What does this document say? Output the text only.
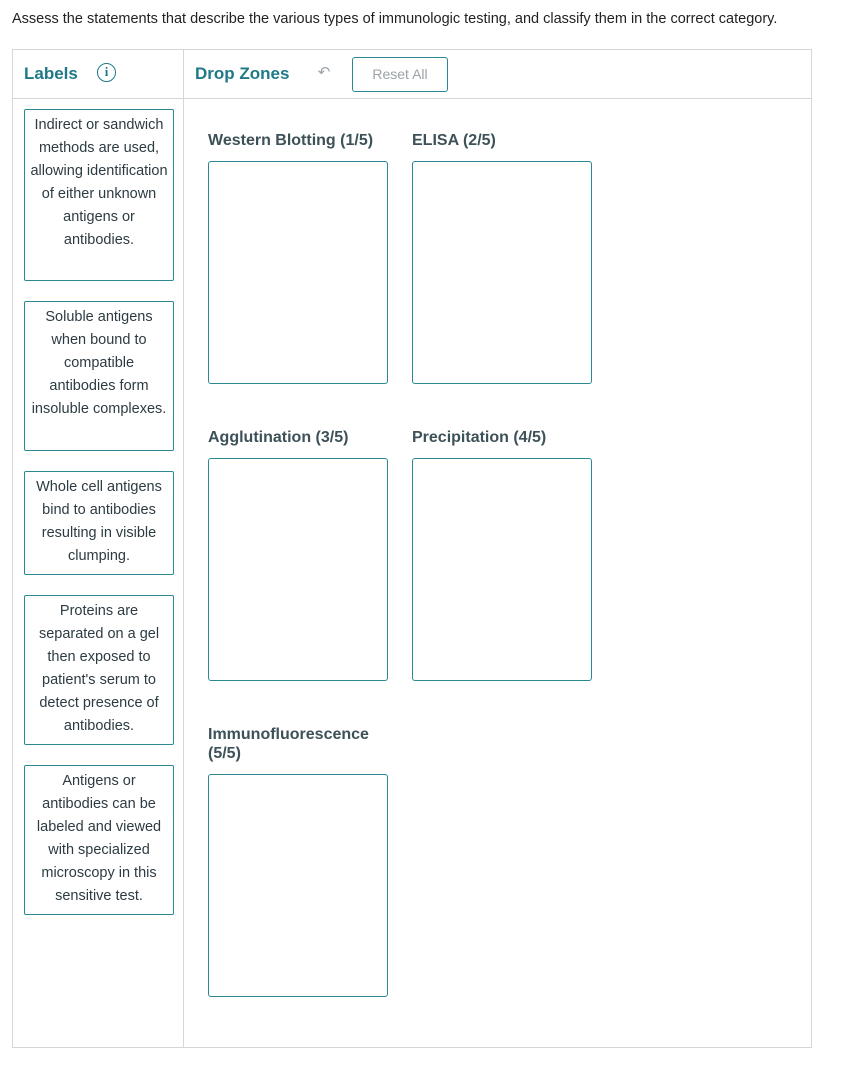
Assess the statements that describe the various types of immunologic testing, and classify them in the correct category.
Labels	i	Drop Zones ↶	Reset All
Indirect or sandwich methods are used, allowing identification of either unknown antigens or antibodies.
Soluble antigens when bound to compatible antibodies form insoluble complexes.
Whole cell antigens bind to antibodies resulting in visible clumping.
Proteins are separated on a gel then exposed to patient's serum to detect presence of antibodies.
Antigens or antibodies can be labeled and viewed with specialized microscopy in this sensitive test.
Western Blotting (1/5)	ELISA (2/5)
Agglutination (3/5)	Precipitation (4/5)
Immunofluorescence (5/5)
